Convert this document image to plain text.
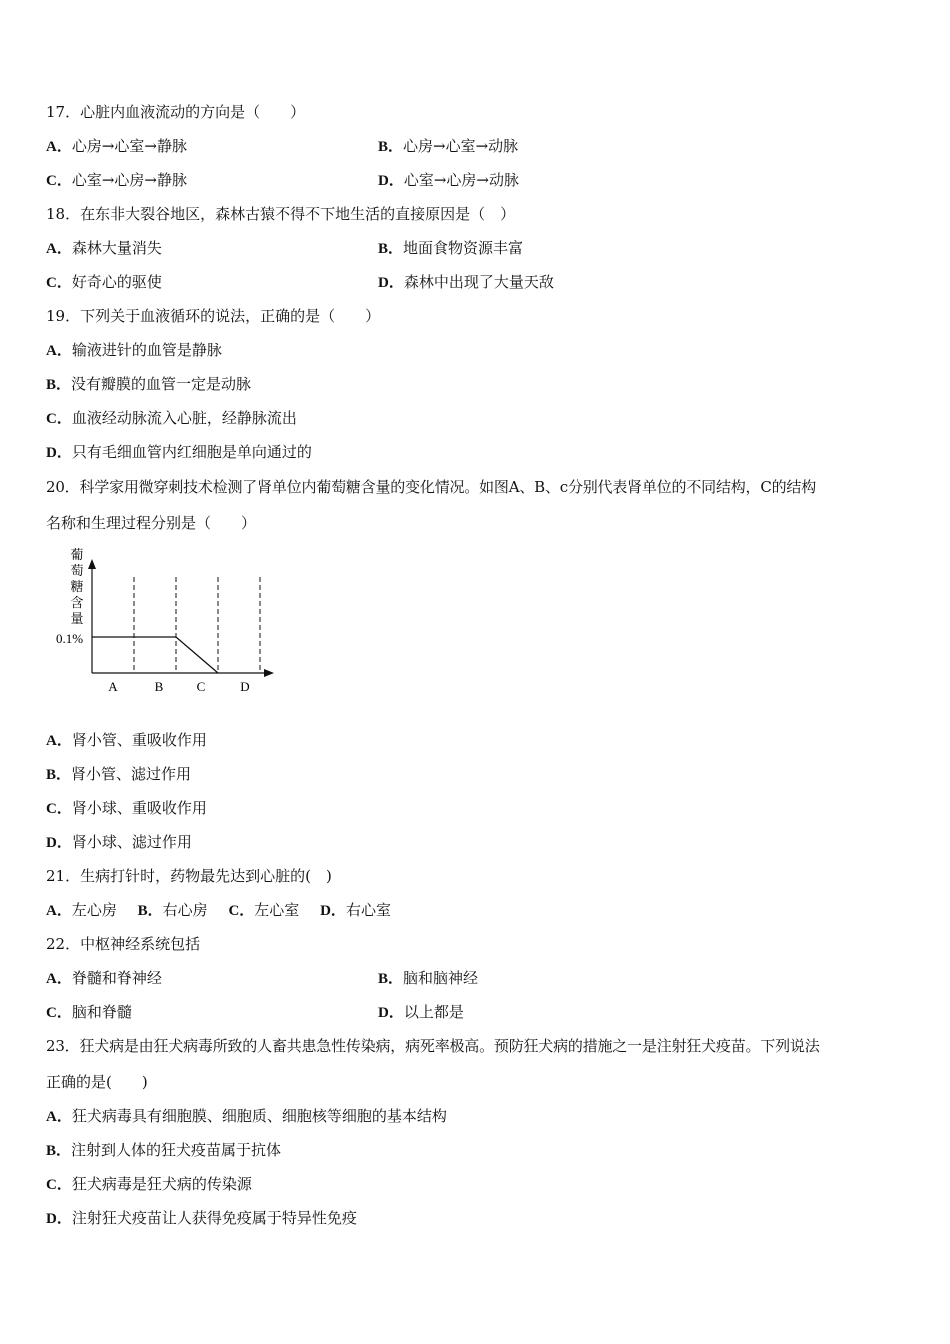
17．心脏内血液流动的方向是（　　）
A．心房→心室→静脉	B．心房→心室→动脉
C．心室→心房→静脉	D．心室→心房→动脉
18．在东非大裂谷地区，森林古猿不得不下地生活的直接原因是（　）
A．森林大量消失	B．地面食物资源丰富
C．好奇心的驱使	D．森林中出现了大量天敌
19．下列关于血液循环的说法，正确的是（　　）
A．输液进针的血管是静脉
B．没有瓣膜的血管一定是动脉
C．血液经动脉流入心脏，经静脉流出
D．只有毛细血管内红细胞是单向通过的
20．科学家用微穿刺技术检测了肾单位内葡萄糖含量的变化情况。如图A、B、c分别代表肾单位的不同结构，C的结构
名称和生理过程分别是（　　）
葡
萄
糖
含
量
0.1%
A	B	C	D
A．肾小管、重吸收作用
B．肾小管、滤过作用
C．肾小球、重吸收作用
D．肾小球、滤过作用
21．生病打针时，药物最先达到心脏的(　)
A．左心房 B．右心房 C．左心室 D．右心室
22．中枢神经系统包括
A．脊髓和脊神经	B．脑和脑神经
C．脑和脊髓	D．以上都是
23．狂犬病是由狂犬病毒所致的人畜共患急性传染病，病死率极高。预防狂犬病的措施之一是注射狂犬疫苗。下列说法
正确的是(　　)
A．狂犬病毒具有细胞膜、细胞质、细胞核等细胞的基本结构
B．注射到人体的狂犬疫苗属于抗体
C．狂犬病毒是狂犬病的传染源
D．注射狂犬疫苗让人获得免疫属于特异性免疫
